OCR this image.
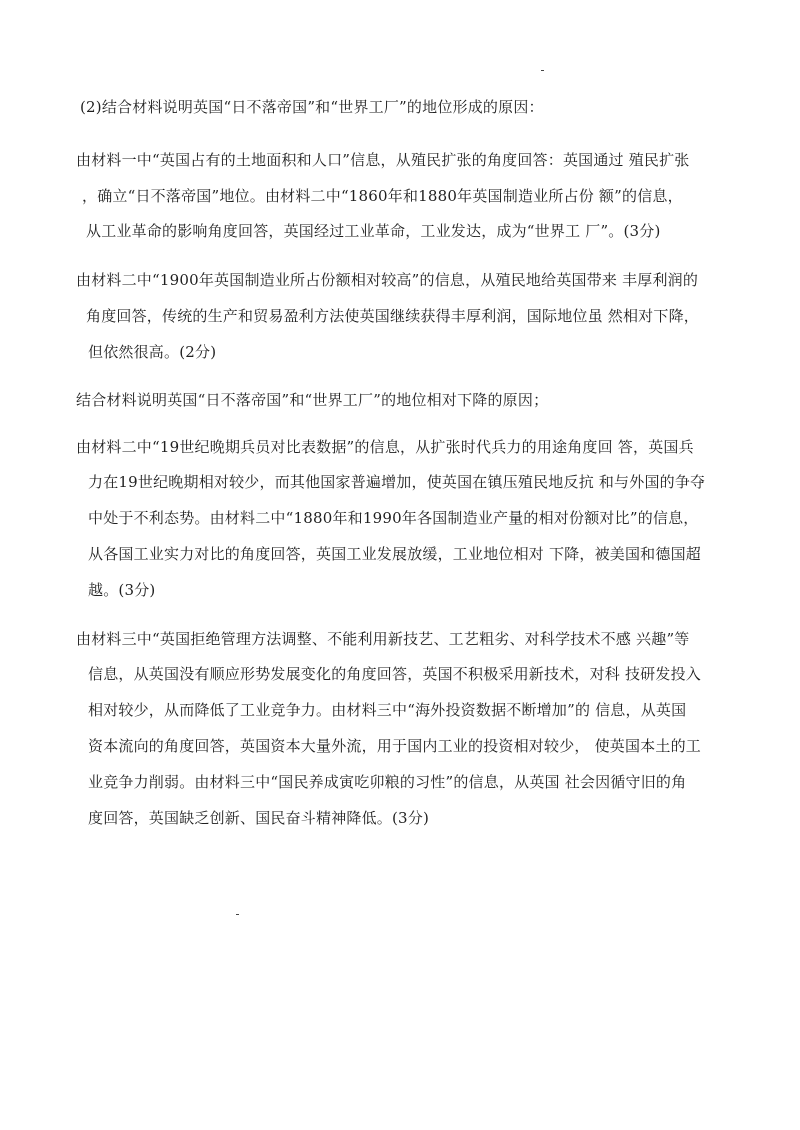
(2)结合材料说明英国“日不落帝国”和“世界工厂”的地位形成的原因：
由材料一中“英国占有的土地面积和人口”信息，从殖民扩张的角度回答：英国通过 殖民扩张
，确立“日不落帝国”地位。由材料二中“1860年和1880年英国制造业所占份 额”的信息，
从工业革命的影响角度回答，英国经过工业革命，工业发达，成为“世界工 厂”。(3分)
由材料二中“1900年英国制造业所占份额相对较高”的信息，从殖民地给英国带来 丰厚利润的
角度回答，传统的生产和贸易盈利方法使英国继续获得丰厚利润，国际地位虽 然相对下降，
但依然很高。(2分)
结合材料说明英国“日不落帝国”和“世界工厂”的地位相对下降的原因；
由材料二中“19世纪晚期兵员对比表数据”的信息，从扩张时代兵力的用途角度回 答，英国兵
力在19世纪晚期相对较少，而其他国家普遍增加，使英国在镇压殖民地反抗 和与外国的争夺
中处于不利态势。由材料二中“1880年和1990年各国制造业产量的相对份额对比”的信息，
从各国工业实力对比的角度回答，英国工业发展放缓，工业地位相对 下降，被美国和德国超
越。(3分)
由材料三中“英国拒绝管理方法调整、不能利用新技艺、工艺粗劣、对科学技术不感 兴趣”等
信息，从英国没有顺应形势发展变化的角度回答，英国不积极采用新技术，对科 技研发投入
相对较少，从而降低了工业竞争力。由材料三中“海外投资数据不断增加”的 信息，从英国
资本流向的角度回答，英国资本大量外流，用于国内工业的投资相对较少， 使英国本土的工
业竞争力削弱。由材料三中“国民养成寅吃卯粮的习性”的信息，从英国 社会因循守旧的角
度回答，英国缺乏创新、国民奋斗精神降低。(3分)
